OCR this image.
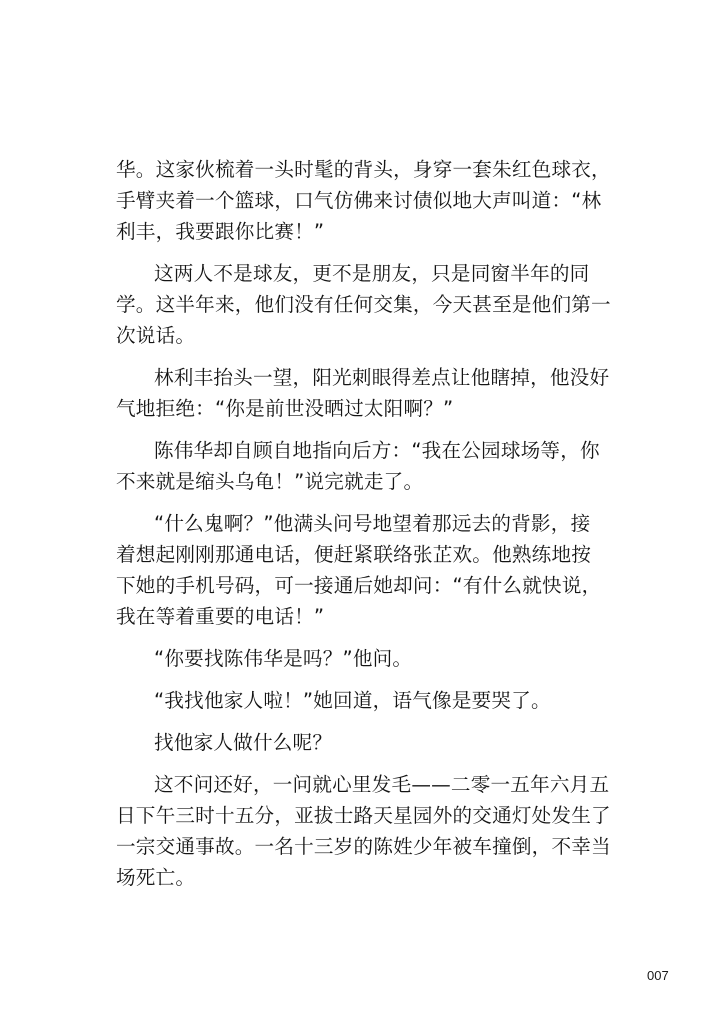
华。这家伙梳着一头时髦的背头，身穿一套朱红色球衣，
手臂夹着一个篮球，口气仿佛来讨债似地大声叫道：“林
利丰，我要跟你比赛！”
这两人不是球友，更不是朋友，只是同窗半年的同
学。这半年来，他们没有任何交集，今天甚至是他们第一
次说话。
林利丰抬头一望，阳光刺眼得差点让他瞎掉，他没好
气地拒绝：“你是前世没晒过太阳啊？”
陈伟华却自顾自地指向后方：“我在公园球场等，你
不来就是缩头乌龟！”说完就走了。
“什么鬼啊？”他满头问号地望着那远去的背影，接
着想起刚刚那通电话，便赶紧联络张芷欢。他熟练地按
下她的手机号码，可一接通后她却问：“有什么就快说，
我在等着重要的电话！”
“你要找陈伟华是吗？”他问。
“我找他家人啦！”她回道，语气像是要哭了。
找他家人做什么呢？
这不问还好，一问就心里发毛——二零一五年六月五
日下午三时十五分，亚拔士路天星园外的交通灯处发生了
一宗交通事故。一名十三岁的陈姓少年被车撞倒，不幸当
场死亡。
007
